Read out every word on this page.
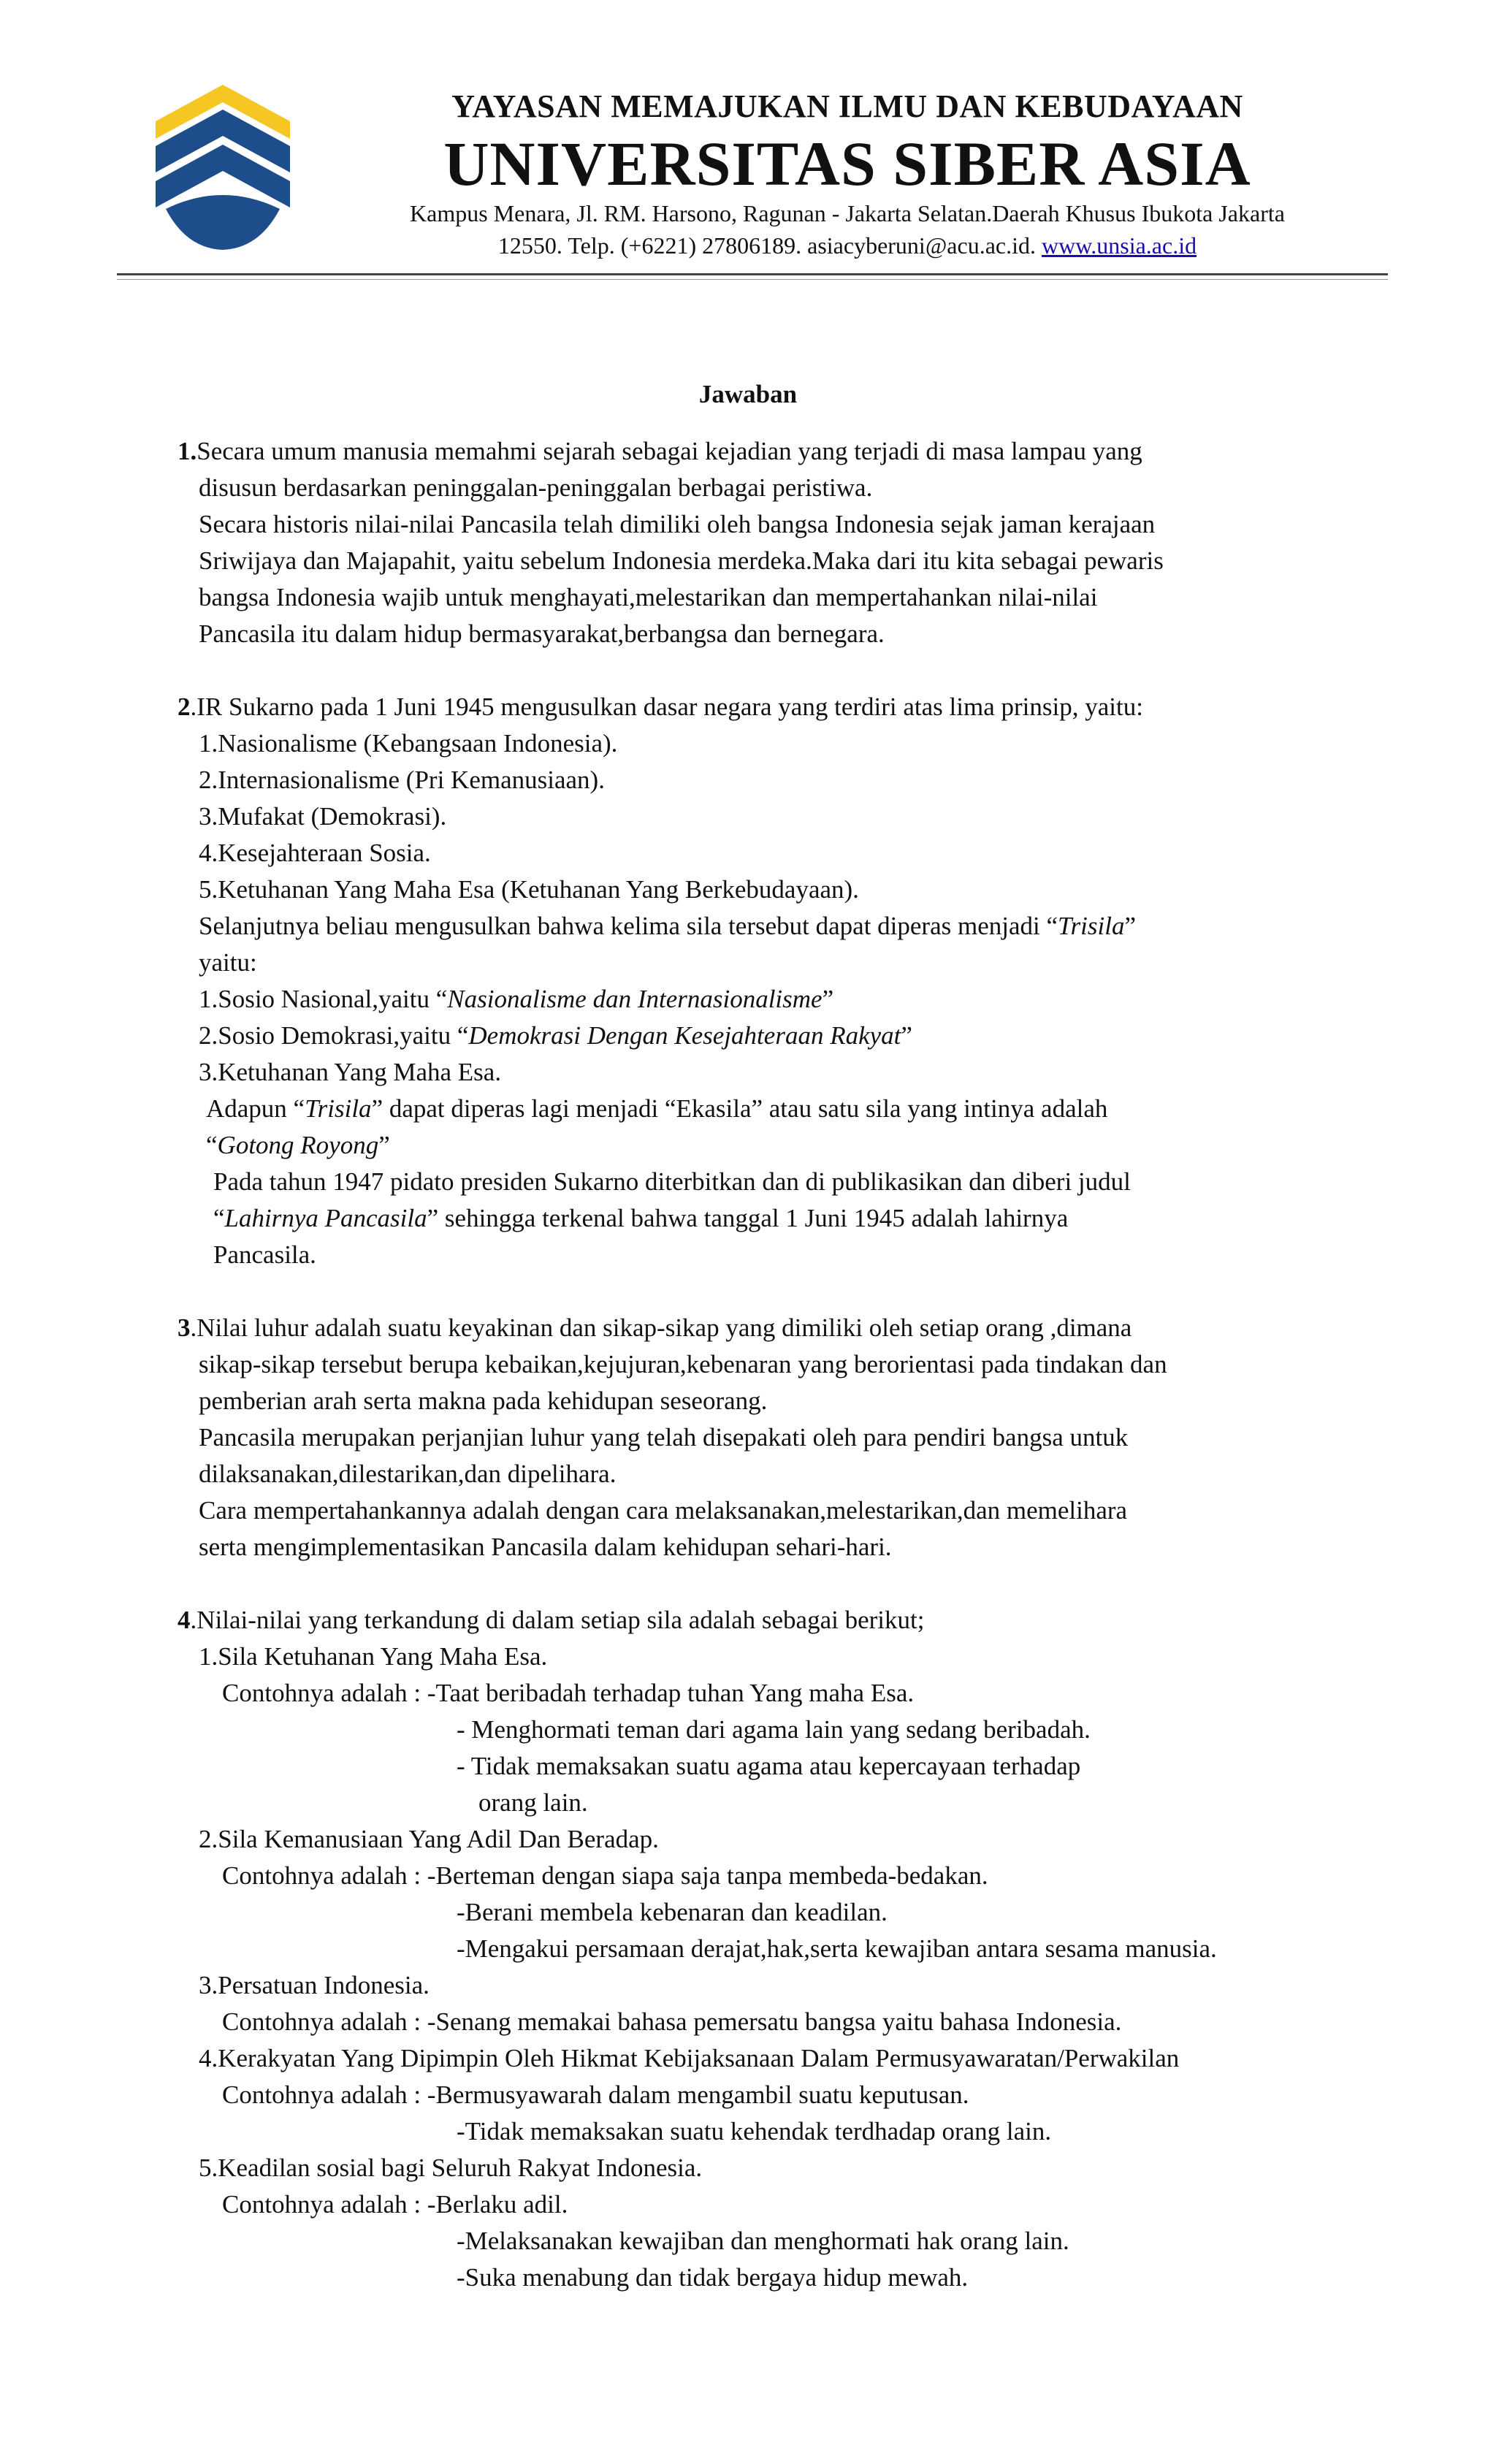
YAYASAN MEMAJUKAN ILMU DAN KEBUDAYAAN
UNIVERSITAS SIBER ASIA
Kampus Menara, Jl. RM. Harsono, Ragunan - Jakarta Selatan.Daerah Khusus Ibukota Jakarta
12550. Telp. (+6221) 27806189. asiacyberuni@acu.ac.id. www.unsia.ac.id
Jawaban
1.Secara umum manusia memahmi sejarah sebagai kejadian yang terjadi di masa lampau yang
disusun berdasarkan peninggalan-peninggalan berbagai peristiwa.
Secara historis nilai-nilai Pancasila telah dimiliki oleh bangsa Indonesia sejak jaman kerajaan
Sriwijaya dan Majapahit, yaitu sebelum Indonesia merdeka.Maka dari itu kita sebagai pewaris
bangsa Indonesia wajib untuk menghayati,melestarikan dan mempertahankan nilai-nilai
Pancasila itu dalam hidup bermasyarakat,berbangsa dan bernegara.
2.IR Sukarno pada 1 Juni 1945 mengusulkan dasar negara yang terdiri atas lima prinsip, yaitu:
1.Nasionalisme (Kebangsaan Indonesia).
2.Internasionalisme (Pri Kemanusiaan).
3.Mufakat (Demokrasi).
4.Kesejahteraan Sosia.
5.Ketuhanan Yang Maha Esa (Ketuhanan Yang Berkebudayaan).
Selanjutnya beliau mengusulkan bahwa kelima sila tersebut dapat diperas menjadi “Trisila”
yaitu:
1.Sosio Nasional,yaitu “Nasionalisme dan Internasionalisme”
2.Sosio Demokrasi,yaitu “Demokrasi Dengan Kesejahteraan Rakyat”
3.Ketuhanan Yang Maha Esa.
Adapun “Trisila” dapat diperas lagi menjadi “Ekasila” atau satu sila yang intinya adalah
“Gotong Royong”
Pada tahun 1947 pidato presiden Sukarno diterbitkan dan di publikasikan dan diberi judul
“Lahirnya Pancasila” sehingga terkenal bahwa tanggal 1 Juni 1945 adalah lahirnya
Pancasila.
3.Nilai luhur adalah suatu keyakinan dan sikap-sikap yang dimiliki oleh setiap orang ,dimana
sikap-sikap tersebut berupa kebaikan,kejujuran,kebenaran yang berorientasi pada tindakan dan
pemberian arah serta makna pada kehidupan seseorang.
Pancasila merupakan perjanjian luhur yang telah disepakati oleh para pendiri bangsa untuk
dilaksanakan,dilestarikan,dan dipelihara.
Cara mempertahankannya adalah dengan cara melaksanakan,melestarikan,dan memelihara
serta mengimplementasikan Pancasila dalam kehidupan sehari-hari.
4.Nilai-nilai yang terkandung di dalam setiap sila adalah sebagai berikut;
1.Sila Ketuhanan Yang Maha Esa.
Contohnya adalah : -Taat beribadah terhadap tuhan Yang maha Esa.
- Menghormati teman dari agama lain yang sedang beribadah.
- Tidak memaksakan suatu agama atau kepercayaan terhadap
orang lain.
2.Sila Kemanusiaan Yang Adil Dan Beradap.
Contohnya adalah : -Berteman dengan siapa saja tanpa membeda-bedakan.
-Berani membela kebenaran dan keadilan.
-Mengakui persamaan derajat,hak,serta kewajiban antara sesama manusia.
3.Persatuan Indonesia.
Contohnya adalah : -Senang memakai bahasa pemersatu bangsa yaitu bahasa Indonesia.
4.Kerakyatan Yang Dipimpin Oleh Hikmat Kebijaksanaan Dalam Permusyawaratan/Perwakilan
Contohnya adalah : -Bermusyawarah dalam mengambil suatu keputusan.
-Tidak memaksakan suatu kehendak terdhadap orang lain.
5.Keadilan sosial bagi Seluruh Rakyat Indonesia.
Contohnya adalah : -Berlaku adil.
-Melaksanakan kewajiban dan menghormati hak orang lain.
-Suka menabung dan tidak bergaya hidup mewah.
